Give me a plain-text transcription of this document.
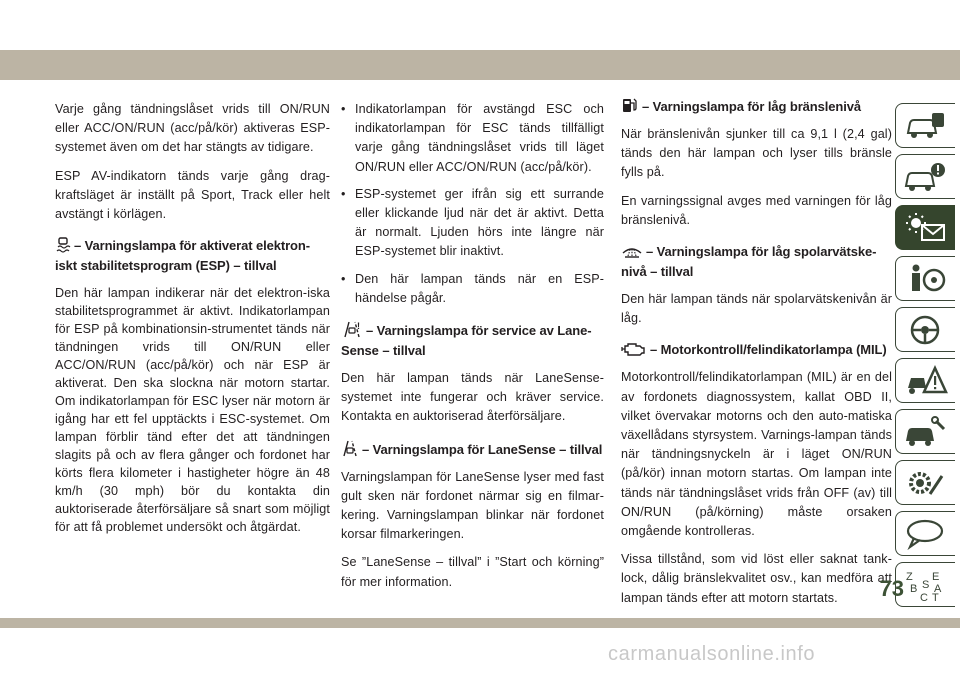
Varje gång tändningslåset vrids till ON/RUN eller ACC/ON/RUN (acc/på/kör) aktiveras ESP-systemet även om det har stängts av tidigare.

ESP AV-indikatorn tänds varje gång drag-kraftsläget är inställt på Sport, Track eller helt avstängt i körlägen.

– Varningslampa för aktiverat elektron-iskt stabilitetsprogram (ESP) – tillval

Den här lampan indikerar när det elektron-iska stabilitetsprogrammet är aktivt. Indikatorlampan för ESP på kombinationsin-strumentet tänds när tändningen vrids till ON/RUN eller ACC/ON/RUN (acc/på/kör) och när ESP är aktiverat. Den ska slockna när motorn startar. Om indikatorlampan för ESC lyser när motorn är igång har ett fel upptäckts i ESC-systemet. Om lampan förblir tänd efter det att tändningen slagits på och av flera gånger och fordonet har körts flera kilometer i hastigheter högre än 48 km/h (30 mph) bör du kontakta din auktoriserade återförsäljare så snart som möjligt för att få problemet undersökt och åtgärdat.

• Indikatorlampan för avstängd ESC och indikatorlampan för ESC tänds tillfälligt varje gång tändningslåset vrids till läget ON/RUN eller ACC/ON/RUN (acc/på/kör).
• ESP-systemet ger ifrån sig ett surrande eller klickande ljud när det är aktivt. Detta är normalt. Ljuden hörs inte längre när ESP-systemet blir inaktivt.
• Den här lampan tänds när en ESP-händelse pågår.
! – Varningslampa för service av Lane-Sense – tillval

Den här lampan tänds när LaneSense-systemet inte fungerar och kräver service. Kontakta en auktoriserad återförsäljare.

– Varningslampa för LaneSense – tillval

Varningslampan för LaneSense lyser med fast gult sken när fordonet närmar sig en filmar-kering. Varningslampan blinkar när fordonet korsar filmarkeringen.

Se ”LaneSense – tillval” i ”Start och körning” för mer information.

– Varningslampa för låg bränslenivå

När bränslenivån sjunker till ca 9,1 l (2,4 gal) tänds den här lampan och lyser tills bränsle fylls på.

En varningssignal avges med varningen för låg bränslenivå.

– Varningslampa för låg spolarvätske-nivå – tillval

Den här lampan tänds när spolarvätskenivån är låg.

– Motorkontroll/felindikatorlampa (MIL)

Motorkontroll/felindikatorlampan (MIL) är en del av fordonets diagnossystem, kallat OBD II, vilket övervakar motorns och den auto-matiska växellådans styrsystem. Varnings-lampan tänds när tändningsnyckeln är i läget ON/RUN (på/kör) innan motorn startas. Om lampan inte tänds när tändningslåset vrids från OFF (av) till ON/RUN (på/körning) måste orsaken omgående kontrolleras.

Vissa tillstånd, som vid löst eller saknat tank-lock, dålig bränslekvalitet osv., kan medföra att lampan tänds efter att motorn startats.

Z E
B S A
C T
73
carmanualsonline.info
